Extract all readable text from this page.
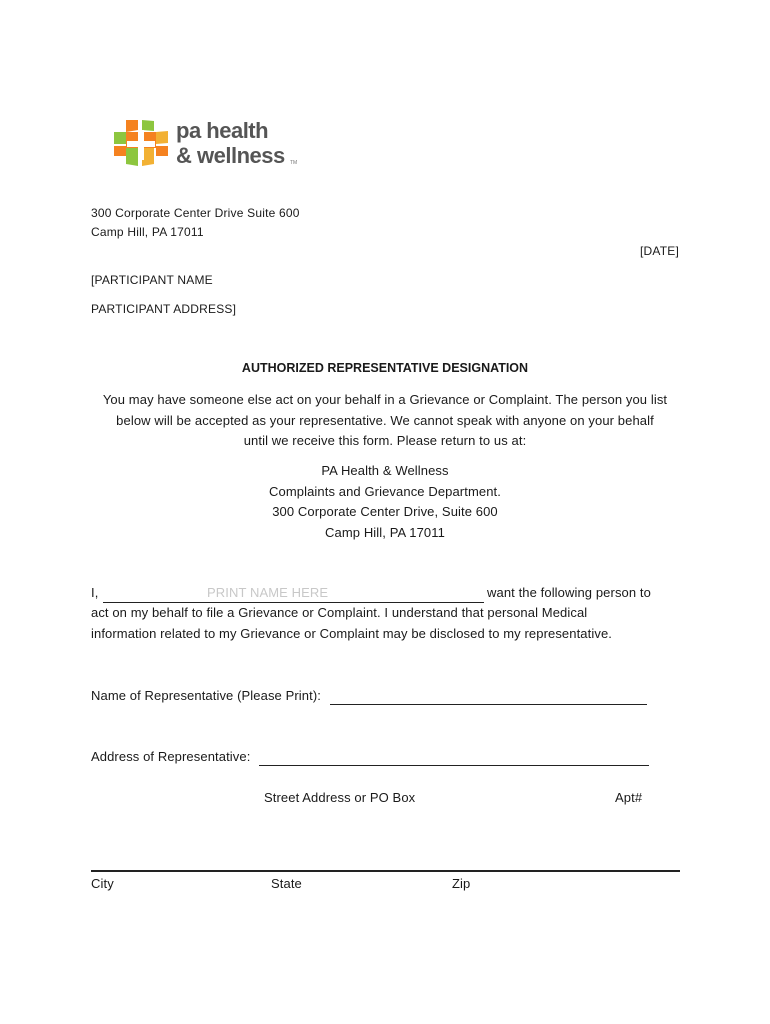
pa health
& wellness TM
300 Corporate Center Drive Suite 600
Camp Hill, PA 17011
[DATE]
[PARTICIPANT NAME
PARTICIPANT ADDRESS]
AUTHORIZED REPRESENTATIVE DESIGNATION
You may have someone else act on your behalf in a Grievance or Complaint. The person you list
below will be accepted as your representative. We cannot speak with anyone on your behalf
until we receive this form. Please return to us at:
PA Health & Wellness
Complaints and Grievance Department.
300 Corporate Center Drive, Suite 600
Camp Hill, PA 17011
I,	PRINT NAME HERE	want the following person to
act on my behalf to file a Grievance or Complaint. I understand that personal Medical
information related to my Grievance or Complaint may be disclosed to my representative.
Name of Representative (Please Print):
Address of Representative:
Street Address or PO Box	Apt#
City	State	Zip
